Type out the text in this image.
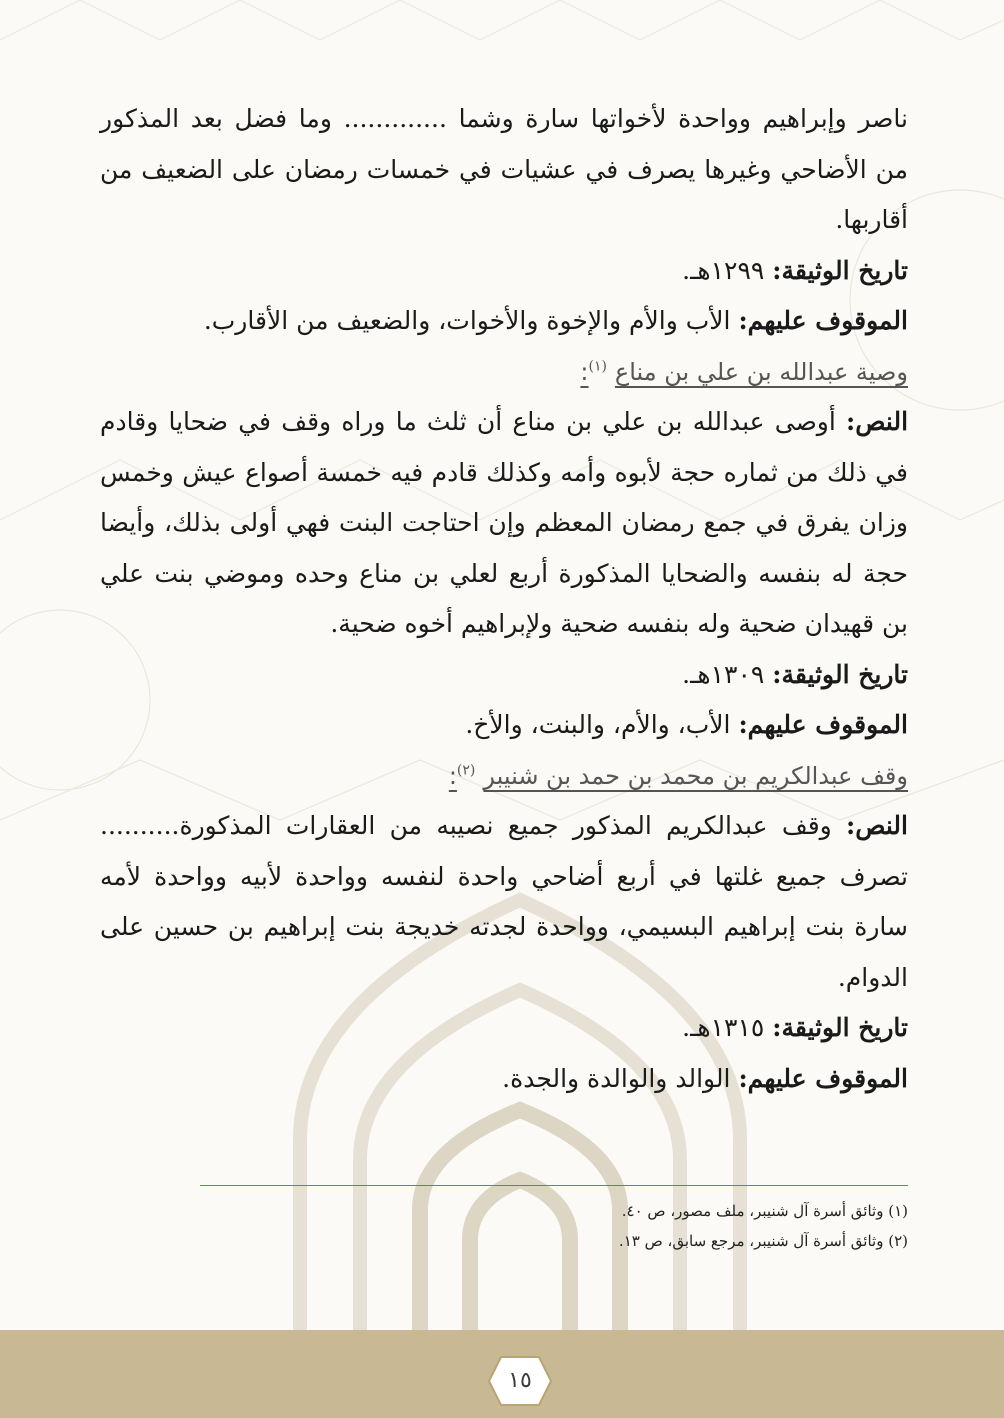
ناصر وإبراهيم وواحدة لأخواتها سارة وشما ............. وما فضل بعد المذكور من الأضاحي وغيرها يصرف في عشيات في خمسات رمضان على الضعيف من أقاربها.

تاريخ الوثيقة: ١٢٩٩هـ.

الموقوف عليهم: الأب والأم والإخوة والأخوات، والضعيف من الأقارب.

وصية عبدالله بن علي بن مناع $^{(١)}$:

النص: أوصى عبدالله بن علي بن مناع أن ثلث ما وراه وقف في ضحايا وقادم في ذلك من ثماره حجة لأبوه وأمه وكذلك قادم فيه خمسة أصواع عيش وخمس وزان يفرق في جمع رمضان المعظم وإن احتاجت البنت فهي أولى بذلك، وأيضا حجة له بنفسه والضحايا المذكورة أربع لعلي بن مناع وحده وموضي بنت علي بن قهيدان ضحية وله بنفسه ضحية ولإبراهيم أخوه ضحية.

تاريخ الوثيقة: ١٣٠٩هـ.

الموقوف عليهم: الأب، والأم، والبنت، والأخ.

وقف عبدالكريم بن محمد بن حمد بن شنيبر $^{(٢)}$:

النص: وقف عبدالكريم المذكور جميع نصيبه من العقارات المذكورة.......... تصرف جميع غلتها في أربع أضاحي واحدة لنفسه وواحدة لأبيه وواحدة لأمه سارة بنت إبراهيم البسيمي، وواحدة لجدته خديجة بنت إبراهيم بن حسين على الدوام.

تاريخ الوثيقة: ١٣١٥هـ.

الموقوف عليهم: الوالد والوالدة والجدة.

(١) وثائق أسرة آل شنيبر، ملف مصور، ص ٤٠.

(٢) وثائق أسرة آل شنيبر، مرجع سابق، ص ١٣.

١٥
